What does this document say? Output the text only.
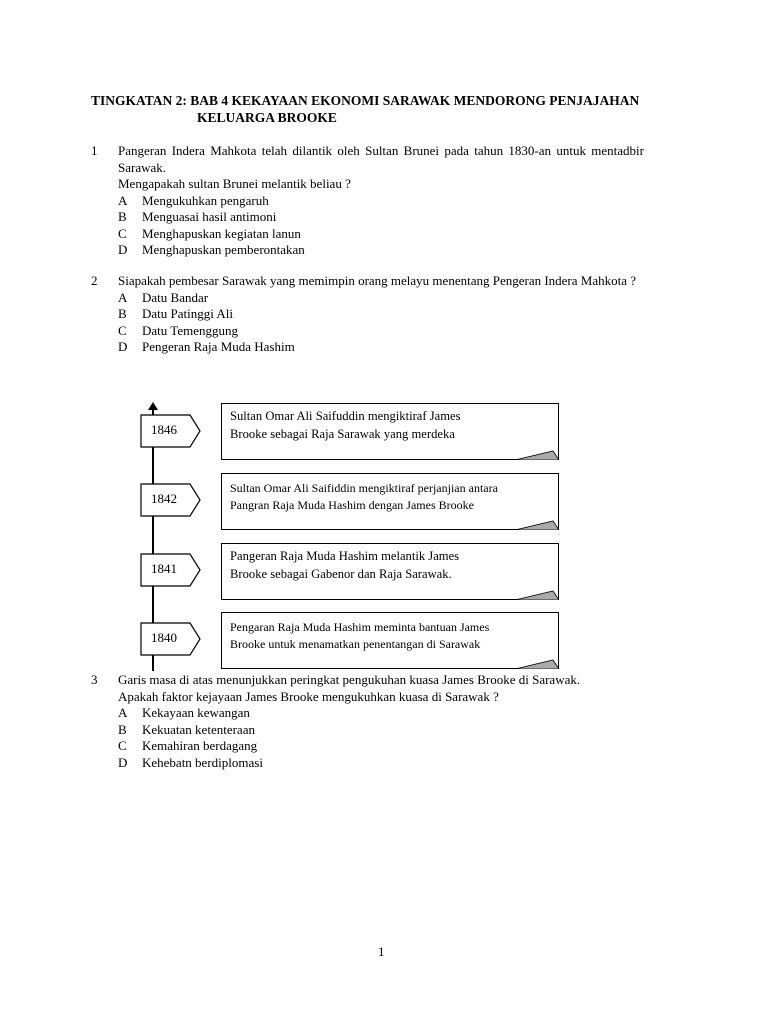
TINGKATAN 2: BAB 4 KEKAYAAN EKONOMI SARAWAK MENDORONG PENJAJAHAN
KELUARGA BROOKE
1 Pangeran Indera Mahkota telah dilantik oleh Sultan Brunei pada tahun 1830-an untuk mentadbir Sarawak.
Mengapakah sultan Brunei melantik beliau ?
A	Mengukuhkan pengaruh
B	Menguasai hasil antimoni
C	Menghapuskan kegiatan lanun
D	Menghapuskan pemberontakan
2 Siapakah pembesar Sarawak yang memimpin orang melayu menentang Pengeran Indera Mahkota ?
A	Datu Bandar
B	Datu Patinggi Ali
C	Datu Temenggung
D	Pengeran Raja Muda Hashim
1846
Sultan Omar Ali Saifuddin mengiktiraf James
Brooke sebagai Raja Sarawak yang merdeka
1842
Sultan Omar Ali Saifiddin mengiktiraf perjanjian antara
Pangran Raja Muda Hashim dengan James Brooke
1841
Pangeran Raja Muda Hashim melantik James
Brooke sebagai Gabenor dan Raja Sarawak.
1840
Pengaran Raja Muda Hashim meminta bantuan James
Brooke untuk menamatkan penentangan di Sarawak
3 Garis masa di atas menunjukkan peringkat pengukuhan kuasa James Brooke di Sarawak.
Apakah faktor kejayaan James Brooke mengukuhkan kuasa di Sarawak ?
A	Kekayaan kewangan
B	Kekuatan ketenteraan
C	Kemahiran berdagang
D	Kehebatn berdiplomasi
1
